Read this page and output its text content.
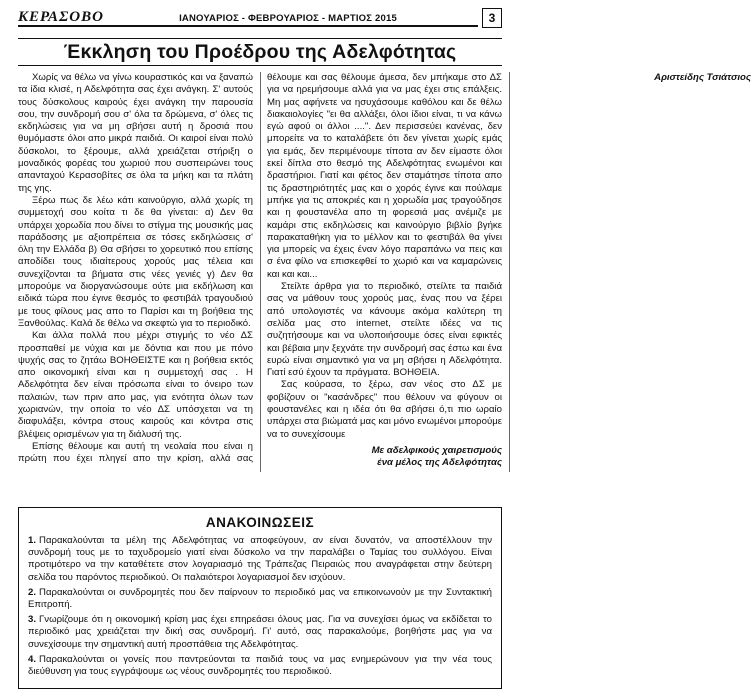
ΚΕΡΑΣΟΒΟ	ΙΑΝΟΥΑΡΙΟΣ - ΦΕΒΡΟΥΑΡΙΟΣ - ΜΑΡΤΙΟΣ 2015	3
Έκκληση του Προέδρου της Αδελφότητας

Χωρίς να θέλω να γίνω κουραστικός και να ξαναπώ τα ίδια κλισέ, η Αδελφότητα σας έχει ανάγκη. Σ' αυτούς τους δύσκολους καιρούς έχει ανάγκη την παρουσία σου, την συνδρομή σου σ' όλα τα δρώμενα, σ' όλες τις εκδηλώσεις για να μη σβήσει αυτή η δροσιά που θυμόμαστε όλοι απο μικρά παιδιά. Οι καιροί είναι πολύ δύσκολοι, το ξέρουμε, αλλά χρειάζεται στήριξη ο μοναδικός φορέας του χωριού που συσπειρώνει τους απανταχού Κερασοβίτες σε όλα τα μήκη και τα πλάτη της γης.

Ξέρω πως δε λέω κάτι καινούργιο, αλλά χωρίς τη συμμετοχή σου κοίτα τι δε θα γίνεται: α) Δεν θα υπάρχει χορωδία που δίνει το στίγμα της μουσικής μας παράδοσης με αξιοπρέπεια σε τόσες εκδηλώσεις σ' όλη την Ελλάδα β) Θα σβήσει το χορευτικό που επίσης αποδίδει τους ιδιαίτερους χορούς μας τέλεια και συνεχίζονται τα βήματα στις νέες γενιές γ) Δεν θα μπορούμε να διοργανώσουμε ούτε μια εκδήλωση και ειδικά τώρα που έγινε θεσμός το φεστιβάλ τραγουδιού με τους φίλους μας απο το Παρίσι και τη βοήθεια της Ξανθούλας. Καλά δε θέλω να σκεφτώ για το περιοδικό.

Και άλλα πολλά που μέχρι στιγμής το νέο ΔΣ προσπαθεί με νύχια και με δόντια και που με πόνο ψυχής σας το ζητάω ΒΟΗΘΕΙΣΤΕ και η βοήθεια εκτός απο οικονομική είναι και η συμμετοχή σας . Η Αδελφότητα δεν είναι πρόσωπα είναι το όνειρο των παλαιών, των πριν απο μας, για ενότητα όλων των χωριανών, την οποία το νέο ΔΣ υπόσχεται να τη διαφυλάξει, κόντρα στους καιρούς και κόντρα στις βλέψεις ορισμένων για τη διάλυσή της.

Επίσης θέλουμε και αυτή τη νεολαία που είναι η πρώτη που έχει πληγεί απο την κρίση, αλλά σας θέλουμε και σας θέλουμε άμεσα, δεν μπήκαμε στο ΔΣ για να ηρεμήσουμε αλλά για να μας έχει στις επάλξεις. Μη μας αφήνετε να ησυχάσουμε καθόλου και δε θέλω διακαιολογίες "ει θα αλλάξει, όλοι ίδιοι είναι, τι να κάνω εγώ αφού οι άλλοι ....". Δεν περισσεύει κανένας, δεν μπορείτε να το καταλάβετε ότι δεν γίνεται χωρίς εμάς για εμάς, δεν περιμένουμε τίποτα αν δεν είμαστε όλοι εκεί δίπλα στο θεσμό της Αδελφότητας ενωμένοι και δραστήριοι. Γιατί και φέτος δεν σταμάτησε τίποτα απο τις δραστηριότητές μας και ο χορός έγινε και πούλαμε μπήκε για τις αποκριές και η χορωδία μας τραγούδησε και η φουστανέλα απο τη φορεσιά μας ανέμιζε με καμάρι στις εκδηλώσεις και καινούργιο βιβλίο βγήκε παρακαταθήκη για το μέλλον και το φεστιβάλ θα γίνει για μπορείς να έχεις έναν λόγο παραπάνω να πεις και σ ένα φίλο να επισκεφθεί το χωριό και να καμαρώνεις και και και...

Στείλτε άρθρα για το περιοδικό, στείλτε τα παιδιά σας να μάθουν τους χορούς μας, ένας που να ξέρει από υπολογιστές να κάνουμε ακόμα καλύτερη τη σελίδα μας στο internet, στείλτε ιδέες να τις συζητήσουμε και να υλοποιήσουμε όσες είναι εφικτές και βέβαια μην ξεχνάτε την συνδρομή σας έστω και ένα ευρώ είναι σημαντικό για να μη σβήσει η Αδελφότητα. Γιατί εσύ έχουν τα πράγματα. ΒΟΗΘΕΙΑ.

Σας κούρασα, το ξέρω, σαν νέος στο ΔΣ με φοβίζουν οι "κασάνδρες" που θέλουν να φύγουν οι φουστανέλες και η ιδέα ότι θα σβήσει ό,τι πιο ωραίο υπάρχει στα βιώματά μας και μόνο ενωμένοι μπορούμε να το συνεχίσουμε

Με αδελφικούς χαιρετισμούς
ένα μέλος της Αδελφότητας
Αριστείδης Τσιάτσιος
ΑΝΑΚΟΙΝΩΣΕΙΣ

1. Παρακαλούνται τα μέλη της Αδελφότητας να αποφεύγουν, αν είναι δυνατόν, να αποστέλλουν την συνδρομή τους με το ταχυδρομείο γιατί είναι δύσκολο να την παραλάβει ο Ταμίας του συλλόγου. Είναι προτιμότερο να την καταθέτετε στον λογαριασμό της Τράπεζας Πειραιώς που αναγράφεται στην δεύτερη σελίδα του παρόντος περιοδικού. Οι παλαιότεροι λογαριασμοί δεν ισχύουν.

2. Παρακαλούνται οι συνδρομητές που δεν παίρνουν το περιοδικό μας να επικοινωνούν με την Συντακτική Επιτροπή.

3. Γνωρίζουμε ότι η οικονομική κρίση μας έχει επηρεάσει όλους μας. Για να συνεχίσει όμως να εκδίδεται το περιοδικό μας χρειάζεται την δική σας συνδρομή. Γι' αυτό, σας παρακαλούμε, βοηθήστε μας για να συνεχίσουμε την σημαντική αυτή προσπάθεια της Αδελφότητας.

4. Παρακαλούνται οι γονείς που παντρεύονται τα παιδιά τους να μας ενημερώνουν για την νέα τους διεύθυνση για τους εγγράψουμε ως νέους συνδρομητές του περιοδικού.
